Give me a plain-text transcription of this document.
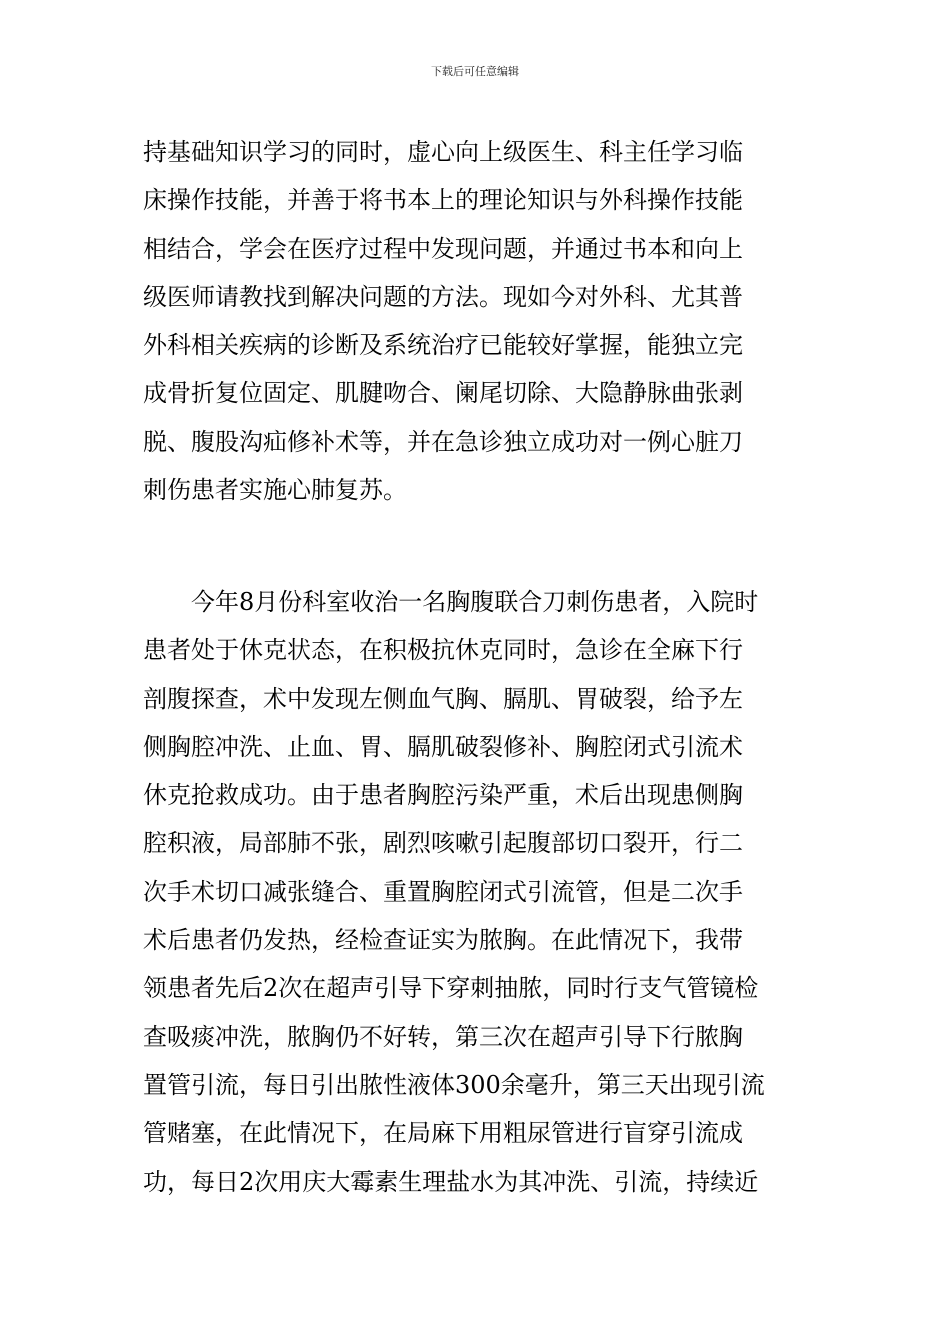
下载后可任意编辑
持基础知识学习的同时，虚心向上级医生、科主任学习临
床操作技能，并善于将书本上的理论知识与外科操作技能
相结合，学会在医疗过程中发现问题，并通过书本和向上
级医师请教找到解决问题的方法。现如今对外科、尤其普
外科相关疾病的诊断及系统治疗已能较好掌握，能独立完
成骨折复位固定、肌腱吻合、阑尾切除、大隐静脉曲张剥
脱、腹股沟疝修补术等，并在急诊独立成功对一例心脏刀
刺伤患者实施心肺复苏。
　　今年8月份科室收治一名胸腹联合刀刺伤患者，入院时
患者处于休克状态，在积极抗休克同时，急诊在全麻下行
剖腹探查，术中发现左侧血气胸、膈肌、胃破裂，给予左
侧胸腔冲洗、止血、胃、膈肌破裂修补、胸腔闭式引流术
休克抢救成功。由于患者胸腔污染严重，术后出现患侧胸
腔积液，局部肺不张，剧烈咳嗽引起腹部切口裂开，行二
次手术切口减张缝合、重置胸腔闭式引流管，但是二次手
术后患者仍发热，经检查证实为脓胸。在此情况下，我带
领患者先后2次在超声引导下穿刺抽脓，同时行支气管镜检
查吸痰冲洗，脓胸仍不好转，第三次在超声引导下行脓胸
置管引流，每日引出脓性液体300余毫升，第三天出现引流
管赌塞，在此情况下，在局麻下用粗尿管进行盲穿引流成
功，每日2次用庆大霉素生理盐水为其冲洗、引流，持续近
